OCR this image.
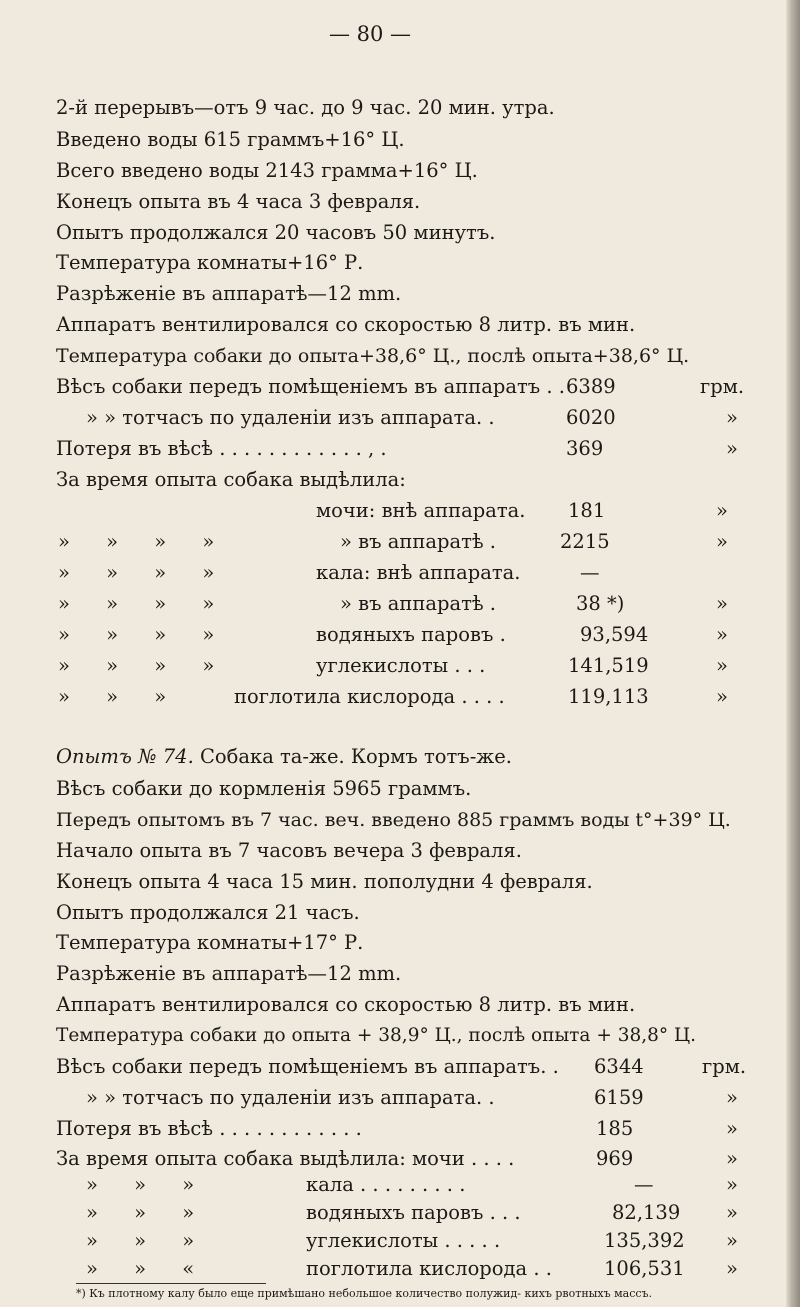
— 80 —
2-й перерывъ—отъ 9 час. до 9 час. 20 мин. утра.
Введено воды 615 граммъ+16° Ц.
Всего введено воды 2143 грамма+16° Ц.
Конецъ опыта въ 4 часа 3 февраля.
Опытъ продолжался 20 часовъ 50 минутъ.
Температура комнаты+16° Р.
Разрѣженіе въ аппаратѣ—12 mm.
Аппаратъ вентилировался со скоростью 8 литр. въ мин.
Температура собаки до опыта+38,6° Ц., послѣ опыта+38,6° Ц.
Вѣсъ собаки передъ помѣщеніемъ въ аппаратъ . . 6389	грм.
» » тотчасъ по удаленіи изъ аппарата. .	6020	»
Потеря въ вѣсѣ . . . . . . . . . . . . , .	369	»
За время опыта собака выдѣлила:
мочи: внѣ аппарата. 181	»
» » » »	» въ аппаратѣ .	2215	»
» » » »	кала: внѣ аппарата.	—
» » » »	» въ аппаратѣ .	38 *)	»
» » » »	водяныхъ паровъ .	93,594	»
» » » »	углекислоты . . .	141,519	»
» » »	поглотила кислорода . . . .	119,113	»
Опытъ № 74. Собака та-же. Кормъ тотъ-же.
Вѣсъ собаки до кормленія 5965 граммъ.
Передъ опытомъ въ 7 час. веч. введено 885 граммъ воды t°+39° Ц.
Начало опыта въ 7 часовъ вечера 3 февраля.
Конецъ опыта 4 часа 15 мин. пополудни 4 февраля.
Опытъ продолжался 21 часъ.
Температура комнаты+17° Р.
Разрѣженіе въ аппаратѣ—12 mm.
Аппаратъ вентилировался со скоростью 8 литр. въ мин.
Температура собаки до опыта + 38,9° Ц., послѣ опыта + 38,8° Ц.
Вѣсъ собаки передъ помѣщеніемъ въ аппаратъ. . 6344	грм.
» » тотчасъ по удаленіи изъ аппарата. .	6159	»
Потеря въ вѣсѣ . . . . . . . . . . . .	185	»
За время опыта собака выдѣлила: мочи . . . .	969	»
» » »	кала . . . . . . . . .	—	»
» » »	водяныхъ паровъ . . .	82,139 »
» » »	углекислоты . . . . .	135,392 »
» » «	поглотила кислорода . .	106,531 »
*) Къ плотному калу было еще примѣшано небольшое количество полужид- кихъ рвотныхъ массъ.
